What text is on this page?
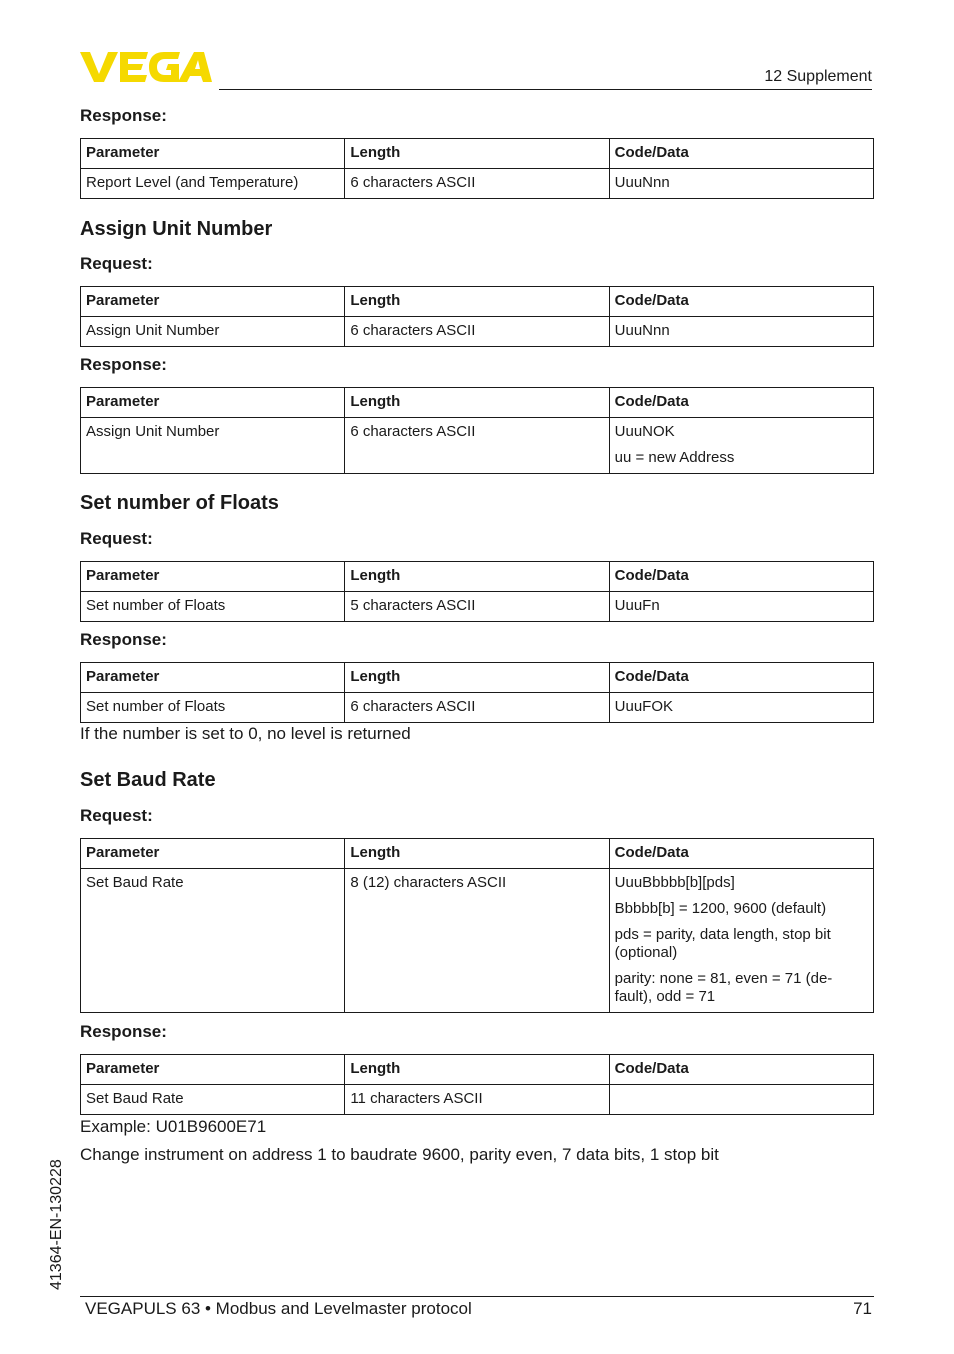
12 Supplement

Response:

Parameter	Length	Code/Data
Report Level (and Temperature)	6 characters ASCII	UuuNnn

Assign Unit Number

Request:

Parameter	Length	Code/Data
Assign Unit Number	6 characters ASCII	UuuNnn

Response:

Parameter	Length	Code/Data
Assign Unit Number	6 characters ASCII	UuuNOK
uu = new Address

Set number of Floats

Request:

Parameter	Length	Code/Data
Set number of Floats	5 characters ASCII	UuuFn

Response:

Parameter	Length	Code/Data
Set number of Floats	6 characters ASCII	UuuFOK

If the number is set to 0, no level is returned

Set Baud Rate

Request:

Parameter	Length	Code/Data
Set Baud Rate	8 (12) characters ASCII	UuuBbbbb[b][pds]
Bbbbb[b] = 1200, 9600 (default)
pds = parity, data length, stop bit (optional)
parity: none = 81, even = 71 (de-fault), odd = 71

Response:

Parameter	Length	Code/Data
Set Baud Rate	11 characters ASCII	

Example: U01B9600E71

Change instrument on address 1 to baudrate 9600, parity even, 7 data bits, 1 stop bit

41364-EN-130228
VEGAPULS 63 • Modbus and Levelmaster protocol	71
